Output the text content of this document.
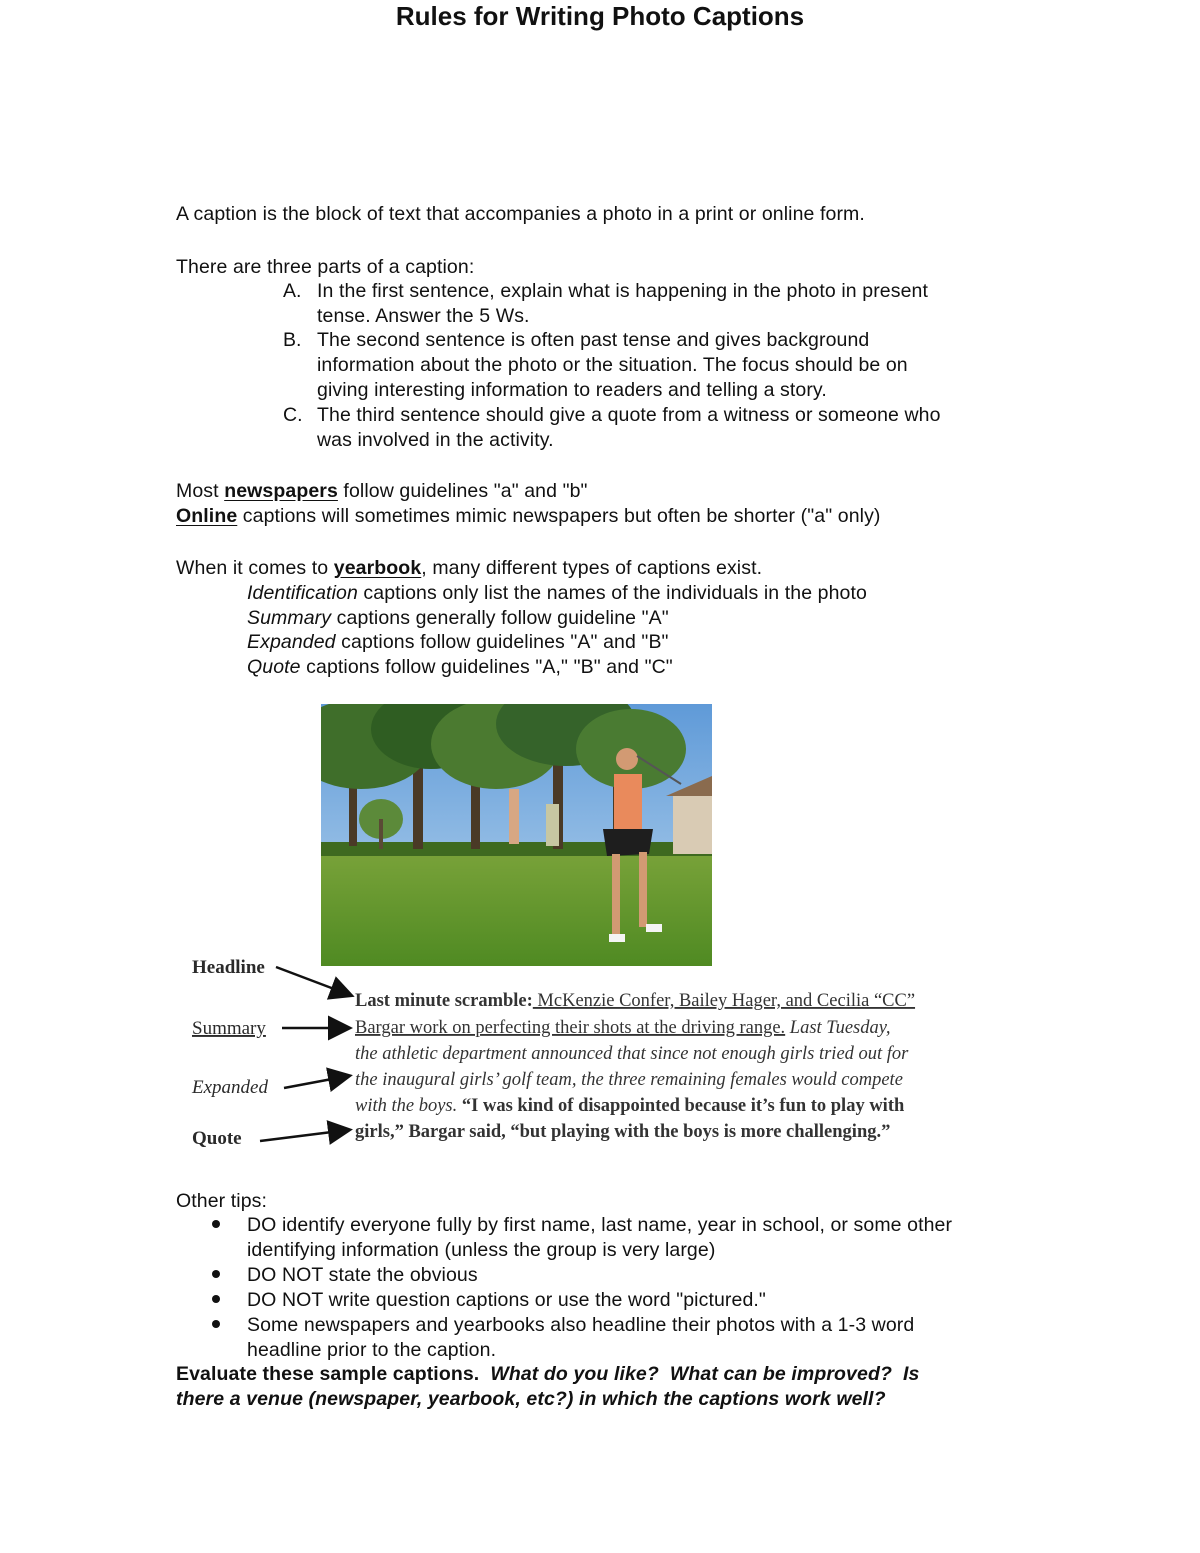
Rules for Writing Photo Captions
A caption is the block of text that accompanies a photo in a print or online form.
There are three parts of a caption:
A. In the first sentence, explain what is happening in the photo in present
tense. Answer the 5 Ws.
B. The second sentence is often past tense and gives background
information about the photo or the situation. The focus should be on
giving interesting information to readers and telling a story.
C. The third sentence should give a quote from a witness or someone who
was involved in the activity.
Most newspapers follow guidelines "a" and "b"
Online captions will sometimes mimic newspapers but often be shorter ("a" only)
When it comes to yearbook, many different types of captions exist.
Identification captions only list the names of the individuals in the photo
Summary captions generally follow guideline "A"
Expanded captions follow guidelines "A" and "B"
Quote captions follow guidelines "A," "B" and "C"
Headline
Summary
Expanded
Quote
Last minute scramble: McKenzie Confer, Bailey Hager, and Cecilia “CC”
Bargar work on perfecting their shots at the driving range. Last Tuesday,
the athletic department announced that since not enough girls tried out for
the inaugural girls’ golf team, the three remaining females would compete
with the boys. “I was kind of disappointed because it’s fun to play with
girls,” Bargar said, “but playing with the boys is more challenging.”
Other tips:
DO identify everyone fully by first name, last name, year in school, or some other
identifying information (unless the group is very large)
DO NOT state the obvious
DO NOT write question captions or use the word "pictured."
Some newspapers and yearbooks also headline their photos with a 1-3 word
headline prior to the caption.
Evaluate these sample captions.  What do you like?  What can be improved?  Is
there a venue (newspaper, yearbook, etc?) in which the captions work well?
